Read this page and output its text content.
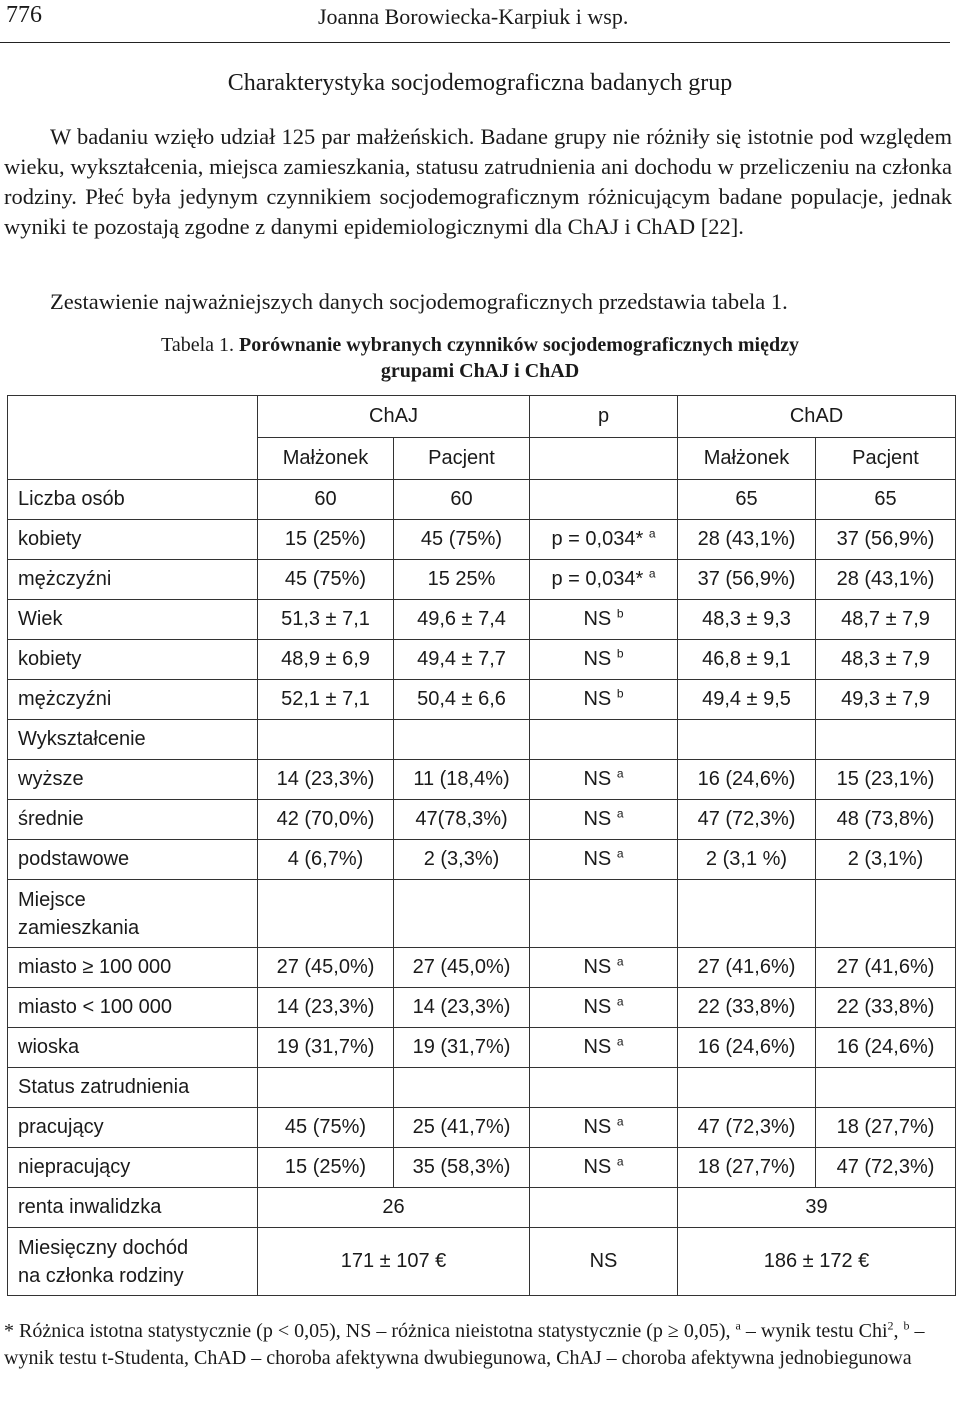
776	Joanna Borowiecka-Karpiuk i wsp.
Charakterystyka socjodemograficzna badanych grup
W badaniu wzięło udział 125 par małżeńskich. Badane grupy nie różniły się istotnie pod względem wieku, wykształcenia, miejsca zamieszkania, statusu zatrudnienia ani dochodu w przeliczeniu na członka rodziny. Płeć była jedynym czynnikiem socjodemograficznym różnicującym badane populacje, jednak wyniki te pozostają zgodne z danymi epidemiologicznymi dla ChAJ i ChAD [22].
Zestawienie najważniejszych danych socjodemograficznych przedstawia tabela 1.
Tabela 1. Porównanie wybranych czynników socjodemograficznych między
grupami ChAJ i ChAD
	ChAJ		p	ChAD	
	Małżonek	Pacjent		Małżonek	Pacjent
Liczba osób	60	60		65	65
kobiety	15 (25%)	45 (75%)	p = 0,034* $^a$	28 (43,1%)	37 (56,9%)
mężczyźni	45 (75%)	15 25%	p = 0,034* $^a$	37 (56,9%)	28 (43,1%)
Wiek	51,3 ± 7,1	49,6 ± 7,4	NS $^b$	48,3 ± 9,3	48,7 ± 7,9
kobiety	48,9 ± 6,9	49,4 ± 7,7	NS $^b$	46,8 ± 9,1	48,3 ± 7,9
mężczyźni	52,1 ± 7,1	50,4 ± 6,6	NS $^b$	49,4 ± 9,5	49,3 ± 7,9
Wykształcenie					
wyższe	14 (23,3%)	11 (18,4%)	NS $^a$	16 (24,6%)	15 (23,1%)
średnie	42 (70,0%)	47(78,3%)	NS $^a$	47 (72,3%)	48 (73,8%)
podstawowe	4 (6,7%)	2 (3,3%)	NS $^a$	2 (3,1 %)	2 (3,1%)

Miejsce
zamieszkania					

miasto ≥ 100 000	27 (45,0%)	27 (45,0%)	NS $^a$	27 (41,6%)	27 (41,6%)
miasto < 100 000	14 (23,3%)	14 (23,3%)	NS $^a$	22 (33,8%)	22 (33,8%)
wioska	19 (31,7%)	19 (31,7%)	NS $^a$	16 (24,6%)	16 (24,6%)
Status zatrudnienia					
pracujący	45 (75%)	25 (41,7%)	NS $^a$	47 (72,3%)	18 (27,7%)
niepracujący	15 (25%)	35 (58,3%)	NS $^a$	18 (27,7%)	47 (72,3%)
renta inwalidzka	26			39	

Miesięczny dochód
na członka rodziny	171 ± 107 €		NS	186 ± 172 €	
* Różnica istotna statystycznie (p < 0,05), NS – różnica nieistotna statystycznie (p ≥ 0,05), $^a$ – wynik testu Chi$^2$, $^b$ – wynik testu t-Studenta, ChAD – choroba afektywna dwubiegunowa, ChAJ – choroba afektywna jednobiegunowa
